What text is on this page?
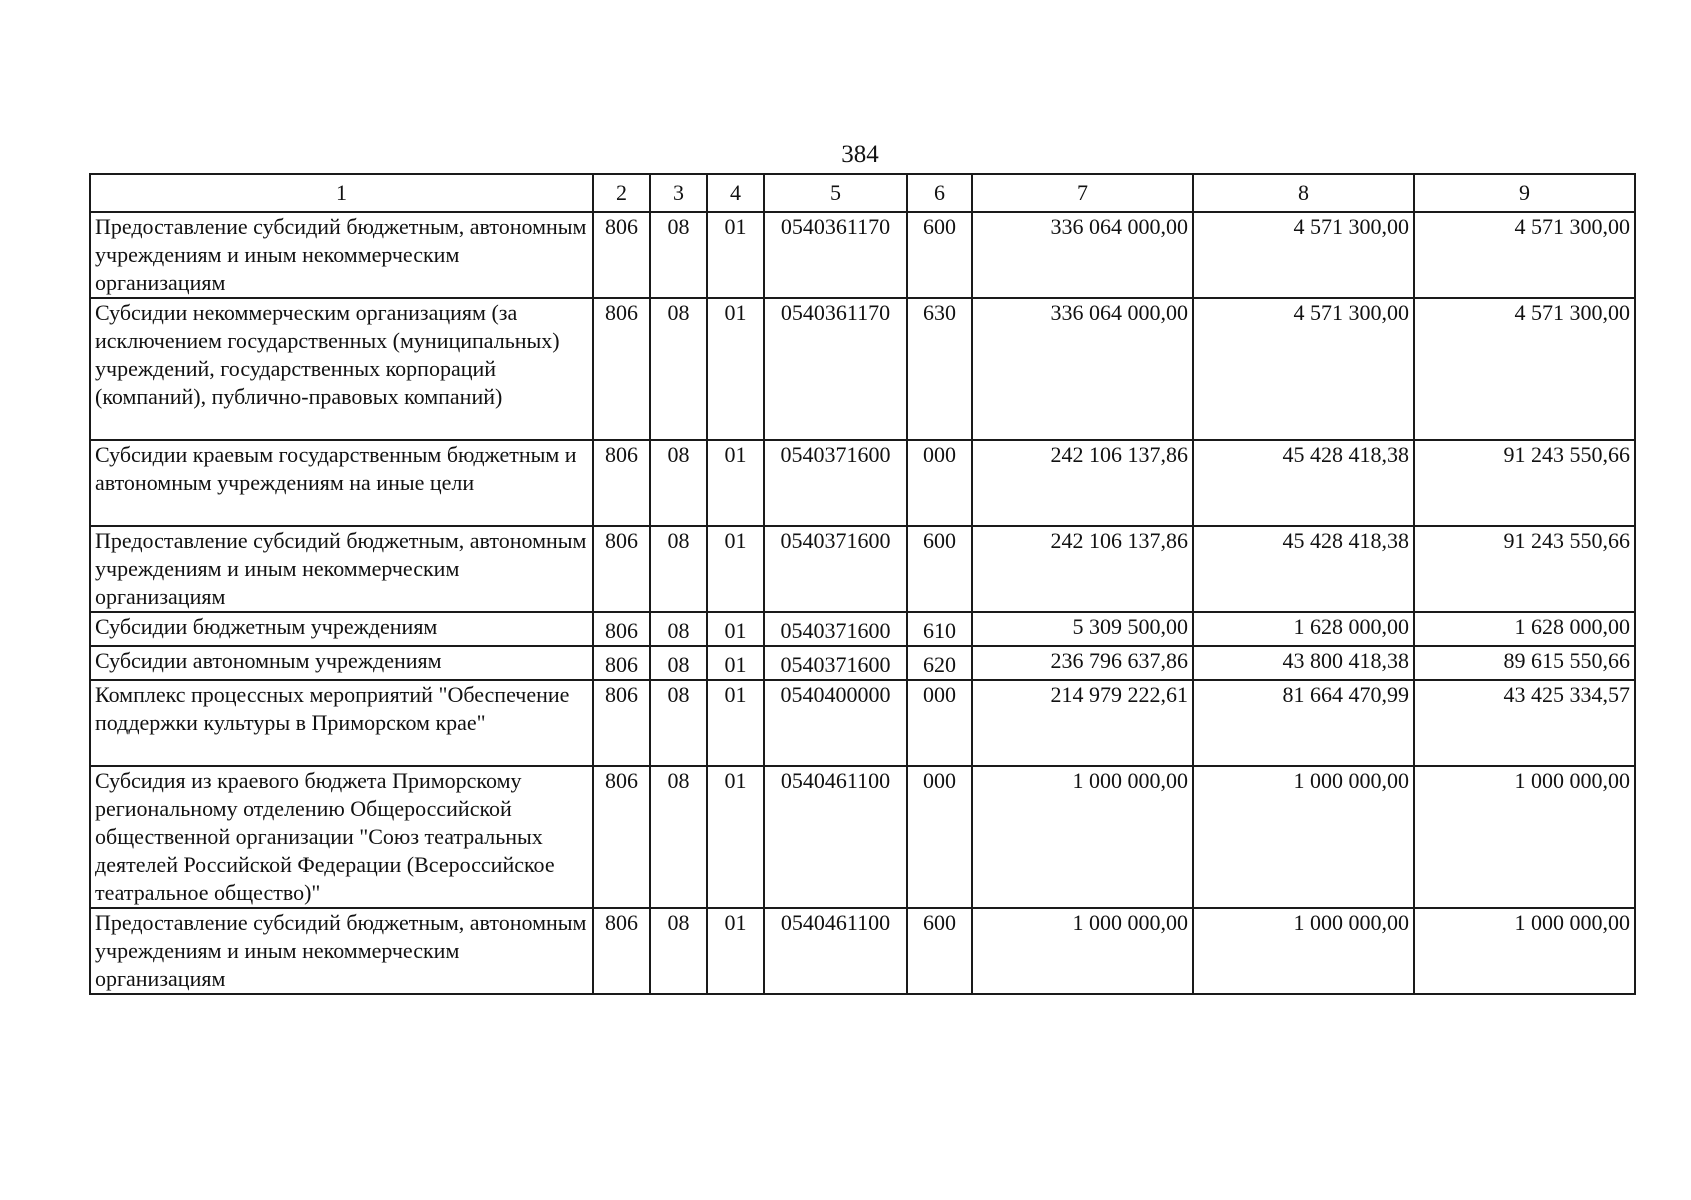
384
1	2	3	4	5	6	7	8	9
Предоставление субсидий бюджетным, автономным учреждениям и иным некоммерческим организациям	806	08	01	0540361170	600	336 064 000,00	4 571 300,00	4 571 300,00
Субсидии некоммерческим организациям (за исключением государственных (муниципальных) учреждений, государственных корпораций (компаний), публично-правовых компаний)	806	08	01	0540361170	630	336 064 000,00	4 571 300,00	4 571 300,00
Субсидии краевым государственным бюджетным и автономным учреждениям на иные цели	806	08	01	0540371600	000	242 106 137,86	45 428 418,38	91 243 550,66
Предоставление субсидий бюджетным, автономным учреждениям и иным некоммерческим организациям	806	08	01	0540371600	600	242 106 137,86	45 428 418,38	91 243 550,66
Субсидии бюджетным учреждениям	806	08	01	0540371600	610	5 309 500,00	1 628 000,00	1 628 000,00
Субсидии автономным учреждениям	806	08	01	0540371600	620	236 796 637,86	43 800 418,38	89 615 550,66
Комплекс процессных мероприятий "Обеспечение поддержки культуры в Приморском крае"	806	08	01	0540400000	000	214 979 222,61	81 664 470,99	43 425 334,57
Субсидия из краевого бюджета Приморскому региональному отделению Общероссийской общественной организации "Союз театральных деятелей Российской Федерации (Всероссийское театральное общество)"	806	08	01	0540461100	000	1 000 000,00	1 000 000,00	1 000 000,00
Предоставление субсидий бюджетным, автономным учреждениям и иным некоммерческим организациям	806	08	01	0540461100	600	1 000 000,00	1 000 000,00	1 000 000,00
